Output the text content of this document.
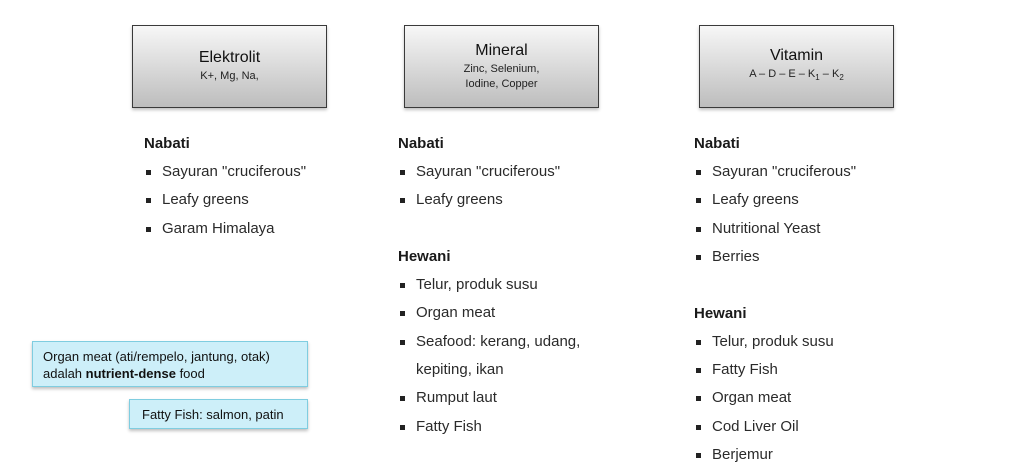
Elektrolit
K+, Mg, Na,
Mineral
Zinc, Selenium,
Iodine, Copper
Vitamin
A – D – E – $K_1 - K_2$
Nabati
Sayuran "cruciferous"
Leafy greens
Garam Himalaya
Nabati
Sayuran "cruciferous"
Leafy greens
Hewani
Telur, produk susu
Organ meat
Seafood: kerang, udang,
kepiting, ikan
Rumput laut
Fatty Fish
Nabati
Sayuran "cruciferous"
Leafy greens
Nutritional Yeast
Berries
Hewani
Telur, produk susu
Fatty Fish
Organ meat
Cod Liver Oil
Berjemur
Organ meat (ati/rempelo, jantung, otak)
adalah nutrient-dense food
Fatty Fish: salmon, patin
